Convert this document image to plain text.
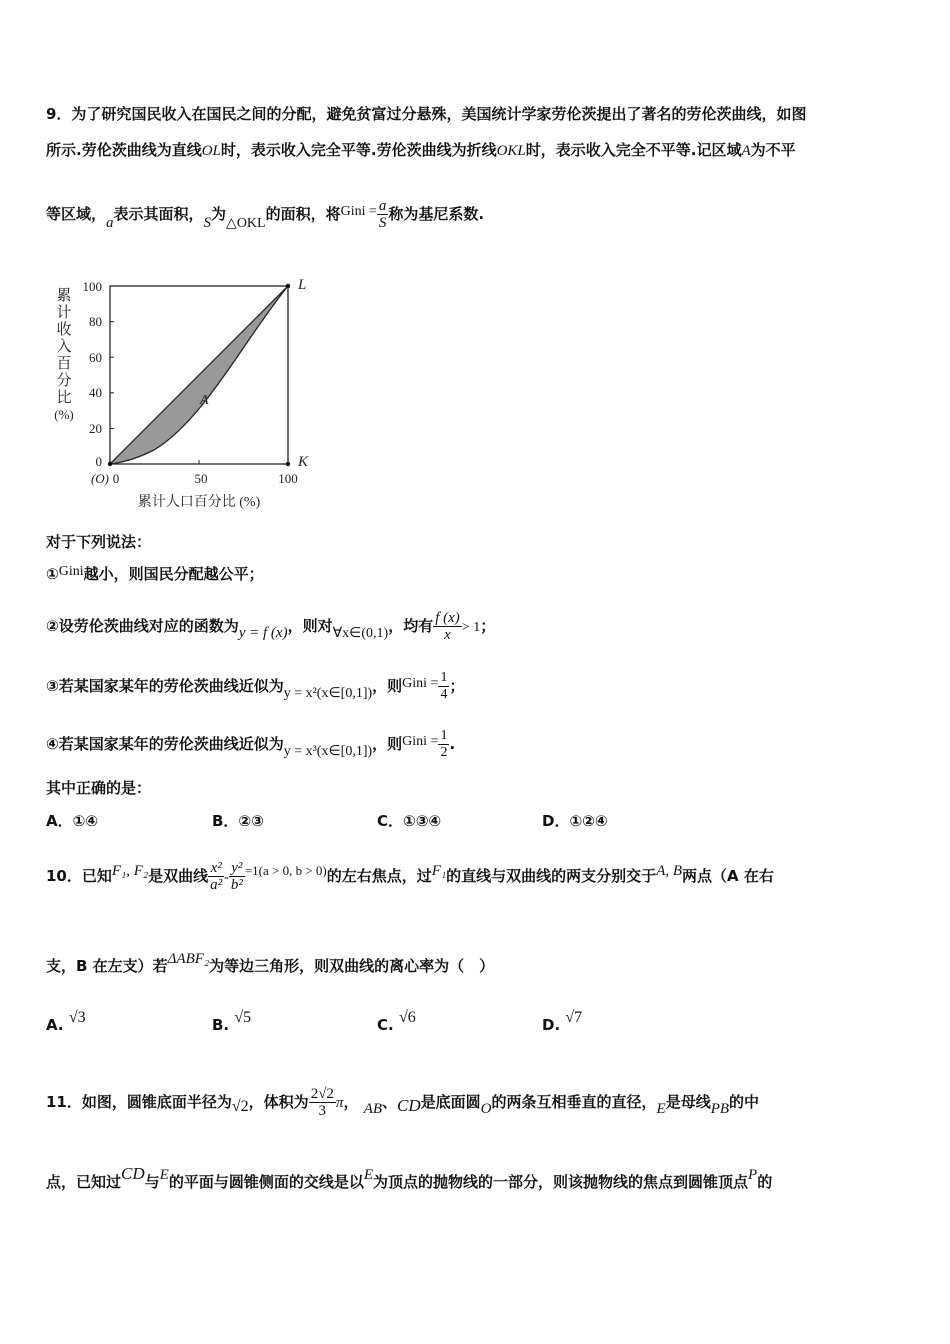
9．为了研究国民收入在国民之间的分配，避免贫富过分悬殊，美国统计学家劳伦茨提出了著名的劳伦茨曲线，如图
所示.劳伦茨曲线为直线OL时，表示收入完全平等.劳伦茨曲线为折线OKL时，表示收入完全不平等.记区域A为不平
等区域，a表示其面积，S为△OKL的面积，将Gini = $\frac{a}{S}$ 称为基尼系数.
累
计
收
入
百
分
比
(%)
100
80
60
40
20
0
0	50	100
(O)
累计人口百分比 (%)
L
K
A
对于下列说法：
①Gini越小，则国民分配越公平；
②设劳伦茨曲线对应的函数为y = f (x)，则对∀x∈(0,1)，均有 $\frac{f (x)}{x} > 1$；
③若某国家某年的劳伦茨曲线近似为y = x²(x∈[0,1])，则Gini = $\frac{1}{4}$ ；
④若某国家某年的劳伦茨曲线近似为y = x³(x∈[0,1])，则Gini = $\frac{1}{2}$ .
其中正确的是：
A．①④	B．②③	C．①③④	D．①②④
10．已知F₁, F₂是双曲线 $\frac{\text{x²}}{\text{a²}} - \frac{\text{y²}}{\text{b²}} =1(a > 0$, b > 0)的左右焦点，过F₁的直线与双曲线的两支分别交于A, B两点（A 在右
支，B 在左支）若ΔABF₂为等边三角形，则双曲线的离心率为（　）
A. √3	B. √5	C. √6	D. √7
11．如图，圆锥底面半径为√2，体积为 $\frac{2√2}{3}$ π， AB、CD是底面圆O的两条互相垂直的直径，E是母线PB的中
点，已知过CD与E的平面与圆锥侧面的交线是以E为顶点的抛物线的一部分，则该抛物线的焦点到圆锥顶点P的
